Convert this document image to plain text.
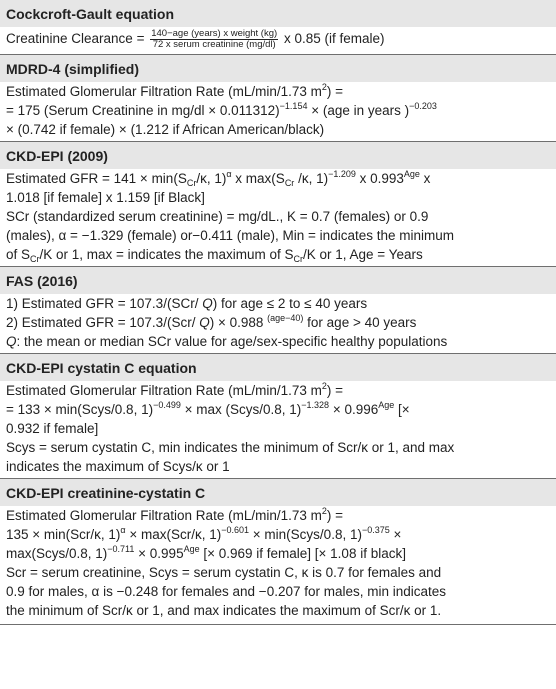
Cockcroft-Gault equation
Creatinine Clearance = $\frac{\text{140−age (years) x weight (kg)}}{\text{72 x serum creatinine (mg/dl)}}$ x 0.85 (if female)
MDRD-4 (simplified)
Estimated Glomerular Filtration Rate (mL/min/1.73 $m^2$) =
= 175 (Serum Creatinine in mg/dl × 0.011312)$^{-1.154}$ × (age in years )$^{-0.203}$
× (0.742 if female) × (1.212 if African American/black)
CKD-EPI (2009)
Estimated GFR = $141 \times \min(S_{Cr}/\kappa$, 1)$^\alpha$ x $\max(S_{Cr}$ /κ, 1)$^{-1.209}$ x $0.993^{Age}$ x
1.018 [if female] x 1.159 [if Black]
SCr (standardized serum creatinine) = mg/dL., K = 0.7 (females) or 0.9
(males), α = −1.329 (female) or−0.411 (male), Min = indicates the minimum
of $S_{Cr}/K$ or 1, max = indicates the maximum of $S_{Cr}/K$ or 1, Age = Years
FAS (2016)
1) Estimated GFR = 107.3/(SCr/ Q) for age ≤ 2 to ≤ 40 years
2) Estimated GFR = 107.3/(Scr/ Q) × 0.988 $^{(age-40)}$ for age > 40 years
Q: the mean or median SCr value for age/sex-specific healthy populations
CKD-EPI cystatin C equation
Estimated Glomerular Filtration Rate (mL/min/1.73 $m^2$) =
= 133 × min(Scys/0.8, 1)$^{-0.499}$ × max (Scys/0.8, $1)^{-1.328} \times 0.996^{Age}$ [×
0.932 if female]
Scys = serum cystatin C, min indicates the minimum of Scr/κ or 1, and max
indicates the maximum of Scys/κ or 1
CKD-EPI creatinine-cystatin C
Estimated Glomerular Filtration Rate (mL/min/1.73 $m^2$) =
135 × min(Scr/κ, 1)$^\alpha$ × max(Scr/κ, 1)$^{-0.601}$ × min(Scys/0.8, 1)$^{-0.375}$ ×
max(Scys/0.8, $1)^{-0.711} \times 0.995^{Age}$ [× 0.969 if female] [× 1.08 if black]
Scr = serum creatinine, Scys = serum cystatin C, κ is 0.7 for females and
0.9 for males, α is −0.248 for females and −0.207 for males, min indicates
the minimum of Scr/κ or 1, and max indicates the maximum of Scr/κ or 1.
